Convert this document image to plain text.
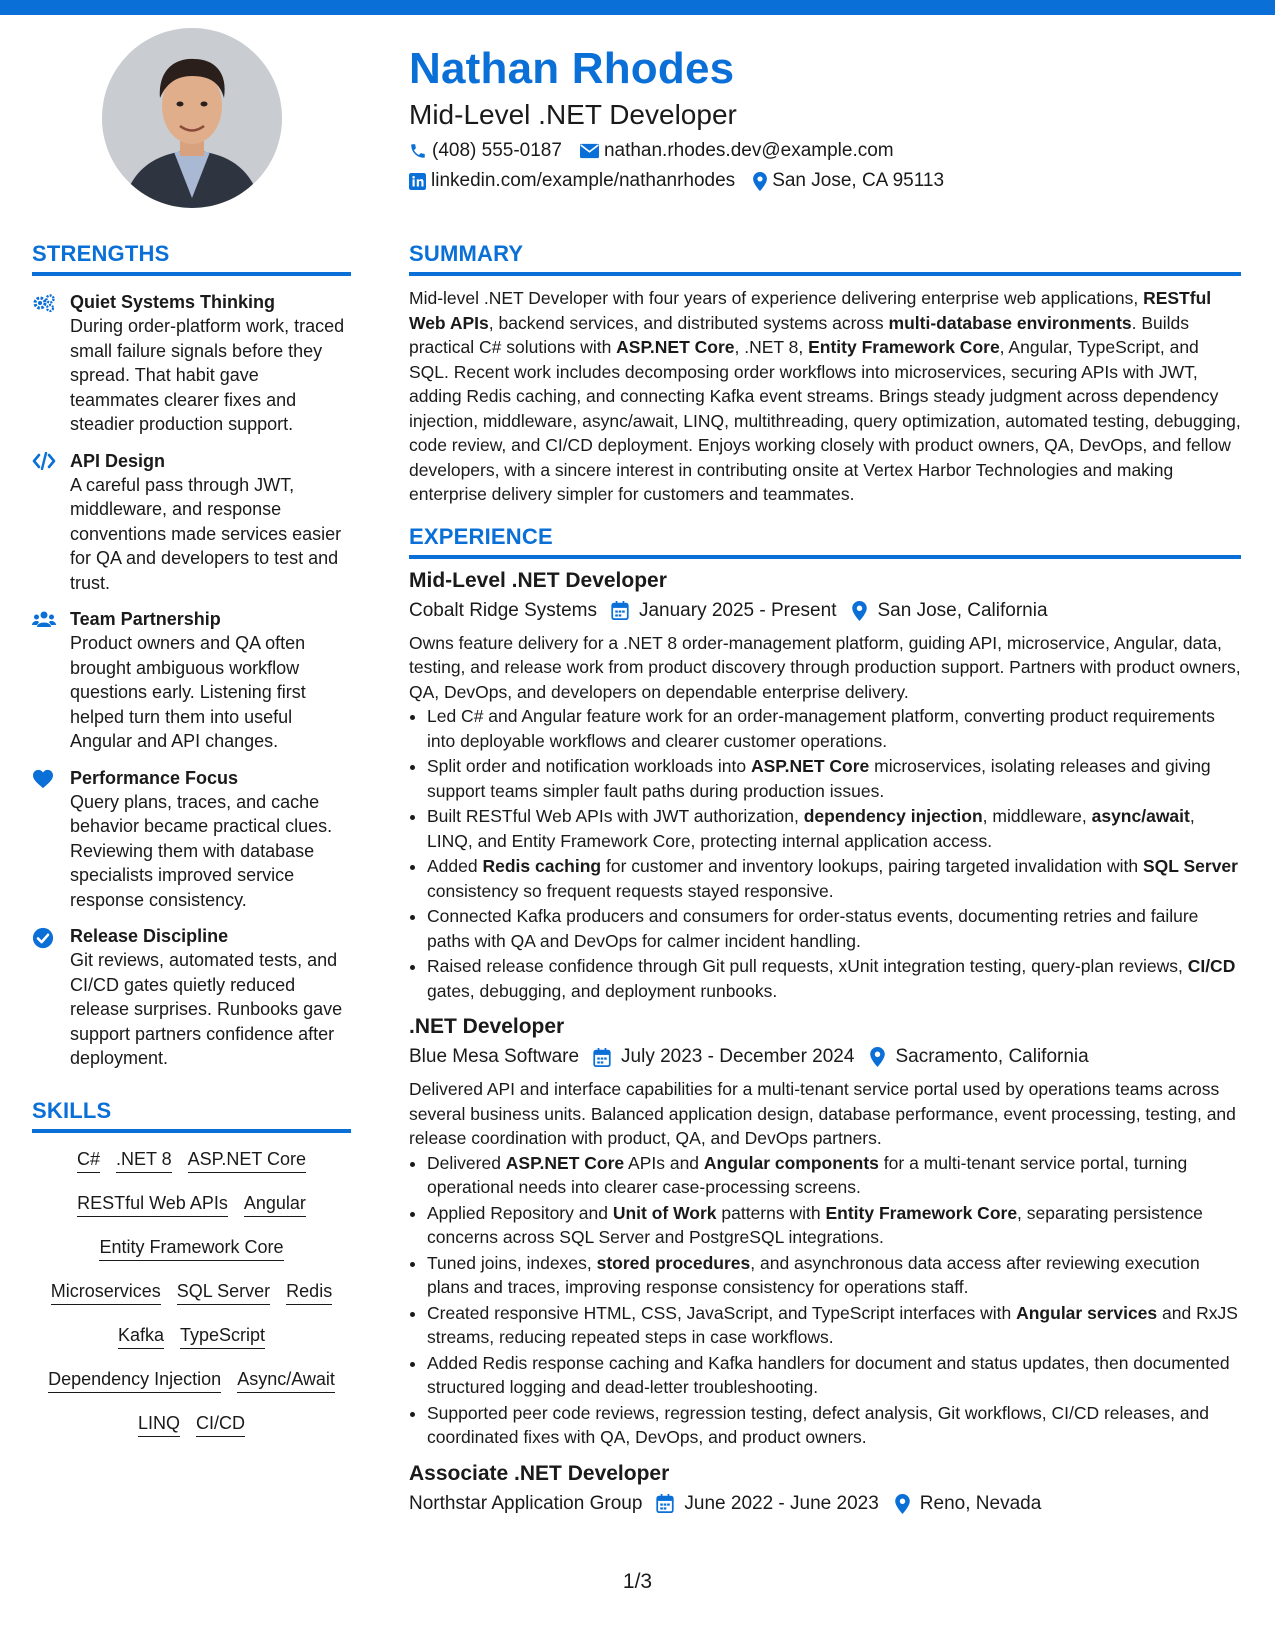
Nathan Rhodes
Mid-Level .NET Developer
(408) 555-0187 nathan.rhodes.dev@example.com
linkedin.com/example/nathanrhodes San Jose, CA 95113
STRENGTHS
Quiet Systems Thinking
During order-platform work, traced small failure signals before they spread. That habit gave teammates clearer fixes and steadier production support.
API Design
A careful pass through JWT, middleware, and response conventions made services easier for QA and developers to test and trust.
Team Partnership
Product owners and QA often brought ambiguous workflow questions early. Listening first helped turn them into useful Angular and API changes.
Performance Focus
Query plans, traces, and cache behavior became practical clues. Reviewing them with database specialists improved service response consistency.
Release Discipline
Git reviews, automated tests, and CI/CD gates quietly reduced release surprises. Runbooks gave support partners confidence after deployment.
SKILLS
C# .NET 8 ASP.NET Core
RESTful Web APIs Angular
Entity Framework Core
Microservices SQL Server Redis
Kafka TypeScript
Dependency Injection Async/Await
LINQ CI/CD
SUMMARY
Mid-level .NET Developer with four years of experience delivering enterprise web applications, RESTful Web APIs, backend services, and distributed systems across multi-database environments. Builds practical C# solutions with ASP.NET Core, .NET 8, Entity Framework Core, Angular, TypeScript, and SQL. Recent work includes decomposing order workflows into microservices, securing APIs with JWT, adding Redis caching, and connecting Kafka event streams. Brings steady judgment across dependency injection, middleware, async/await, LINQ, multithreading, query optimization, automated testing, debugging, code review, and CI/CD deployment. Enjoys working closely with product owners, QA, DevOps, and fellow developers, with a sincere interest in contributing onsite at Vertex Harbor Technologies and making enterprise delivery simpler for customers and teammates.
EXPERIENCE
Mid-Level .NET Developer
Cobalt Ridge Systems January 2025 - Present San Jose, California
Owns feature delivery for a .NET 8 order-management platform, guiding API, microservice, Angular, data, testing, and release work from product discovery through production support. Partners with product owners, QA, DevOps, and developers on dependable enterprise delivery.
• Led C# and Angular feature work for an order-management platform, converting product requirements into deployable workflows and clearer customer operations.
• Split order and notification workloads into ASP.NET Core microservices, isolating releases and giving support teams simpler fault paths during production issues.
• Built RESTful Web APIs with JWT authorization, dependency injection, middleware, async/await, LINQ, and Entity Framework Core, protecting internal application access.
• Added Redis caching for customer and inventory lookups, pairing targeted invalidation with SQL Server consistency so frequent requests stayed responsive.
• Connected Kafka producers and consumers for order-status events, documenting retries and failure paths with QA and DevOps for calmer incident handling.
• Raised release confidence through Git pull requests, xUnit integration testing, query-plan reviews, CI/CD gates, debugging, and deployment runbooks.
.NET Developer
Blue Mesa Software July 2023 - December 2024 Sacramento, California
Delivered API and interface capabilities for a multi-tenant service portal used by operations teams across several business units. Balanced application design, database performance, event processing, testing, and release coordination with product, QA, and DevOps partners.
• Delivered ASP.NET Core APIs and Angular components for a multi-tenant service portal, turning operational needs into clearer case-processing screens.
• Applied Repository and Unit of Work patterns with Entity Framework Core, separating persistence concerns across SQL Server and PostgreSQL integrations.
• Tuned joins, indexes, stored procedures, and asynchronous data access after reviewing execution plans and traces, improving response consistency for operations staff.
• Created responsive HTML, CSS, JavaScript, and TypeScript interfaces with Angular services and RxJS streams, reducing repeated steps in case workflows.
• Added Redis response caching and Kafka handlers for document and status updates, then documented structured logging and dead-letter troubleshooting.
• Supported peer code reviews, regression testing, defect analysis, Git workflows, CI/CD releases, and coordinated fixes with QA, DevOps, and product owners.
Associate .NET Developer
Northstar Application Group June 2022 - June 2023 Reno, Nevada
1/3
